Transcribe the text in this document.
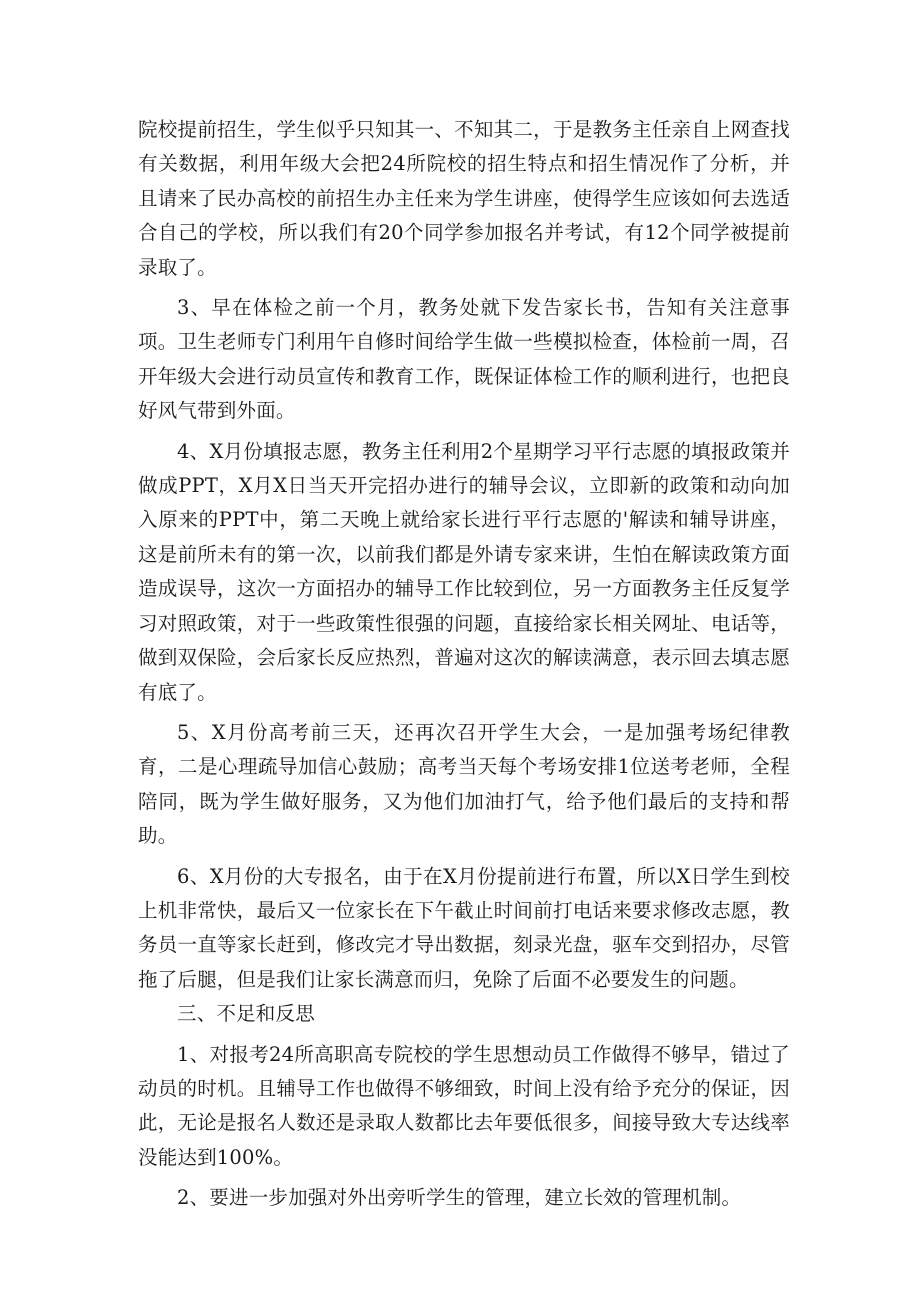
院校提前招生，学生似乎只知其一、不知其二，于是教务主任亲自上网查找有关数据，利用年级大会把24所院校的招生特点和招生情况作了分析，并且请来了民办高校的前招生办主任来为学生讲座，使得学生应该如何去选适合自己的学校，所以我们有20个同学参加报名并考试，有12个同学被提前录取了。

3、早在体检之前一个月，教务处就下发告家长书，告知有关注意事项。卫生老师专门利用午自修时间给学生做一些模拟检查，体检前一周，召开年级大会进行动员宣传和教育工作，既保证体检工作的顺利进行，也把良好风气带到外面。

4、X月份填报志愿，教务主任利用2个星期学习平行志愿的填报政策并做成PPT，X月X日当天开完招办进行的辅导会议，立即新的政策和动向加入原来的PPT中，第二天晚上就给家长进行平行志愿的'解读和辅导讲座，这是前所未有的第一次，以前我们都是外请专家来讲，生怕在解读政策方面造成误导，这次一方面招办的辅导工作比较到位，另一方面教务主任反复学习对照政策，对于一些政策性很强的问题，直接给家长相关网址、电话等，做到双保险，会后家长反应热烈，普遍对这次的解读满意，表示回去填志愿有底了。

5、X月份高考前三天，还再次召开学生大会，一是加强考场纪律教育，二是心理疏导加信心鼓励；高考当天每个考场安排1位送考老师，全程陪同，既为学生做好服务，又为他们加油打气，给予他们最后的支持和帮助。

6、X月份的大专报名，由于在X月份提前进行布置，所以X日学生到校上机非常快，最后又一位家长在下午截止时间前打电话来要求修改志愿，教务员一直等家长赶到，修改完才导出数据，刻录光盘，驱车交到招办，尽管拖了后腿，但是我们让家长满意而归，免除了后面不必要发生的问题。

三、不足和反思

1、对报考24所高职高专院校的学生思想动员工作做得不够早，错过了动员的时机。且辅导工作也做得不够细致，时间上没有给予充分的保证，因此，无论是报名人数还是录取人数都比去年要低很多，间接导致大专达线率没能达到100%。

2、要进一步加强对外出旁听学生的管理，建立长效的管理机制。
